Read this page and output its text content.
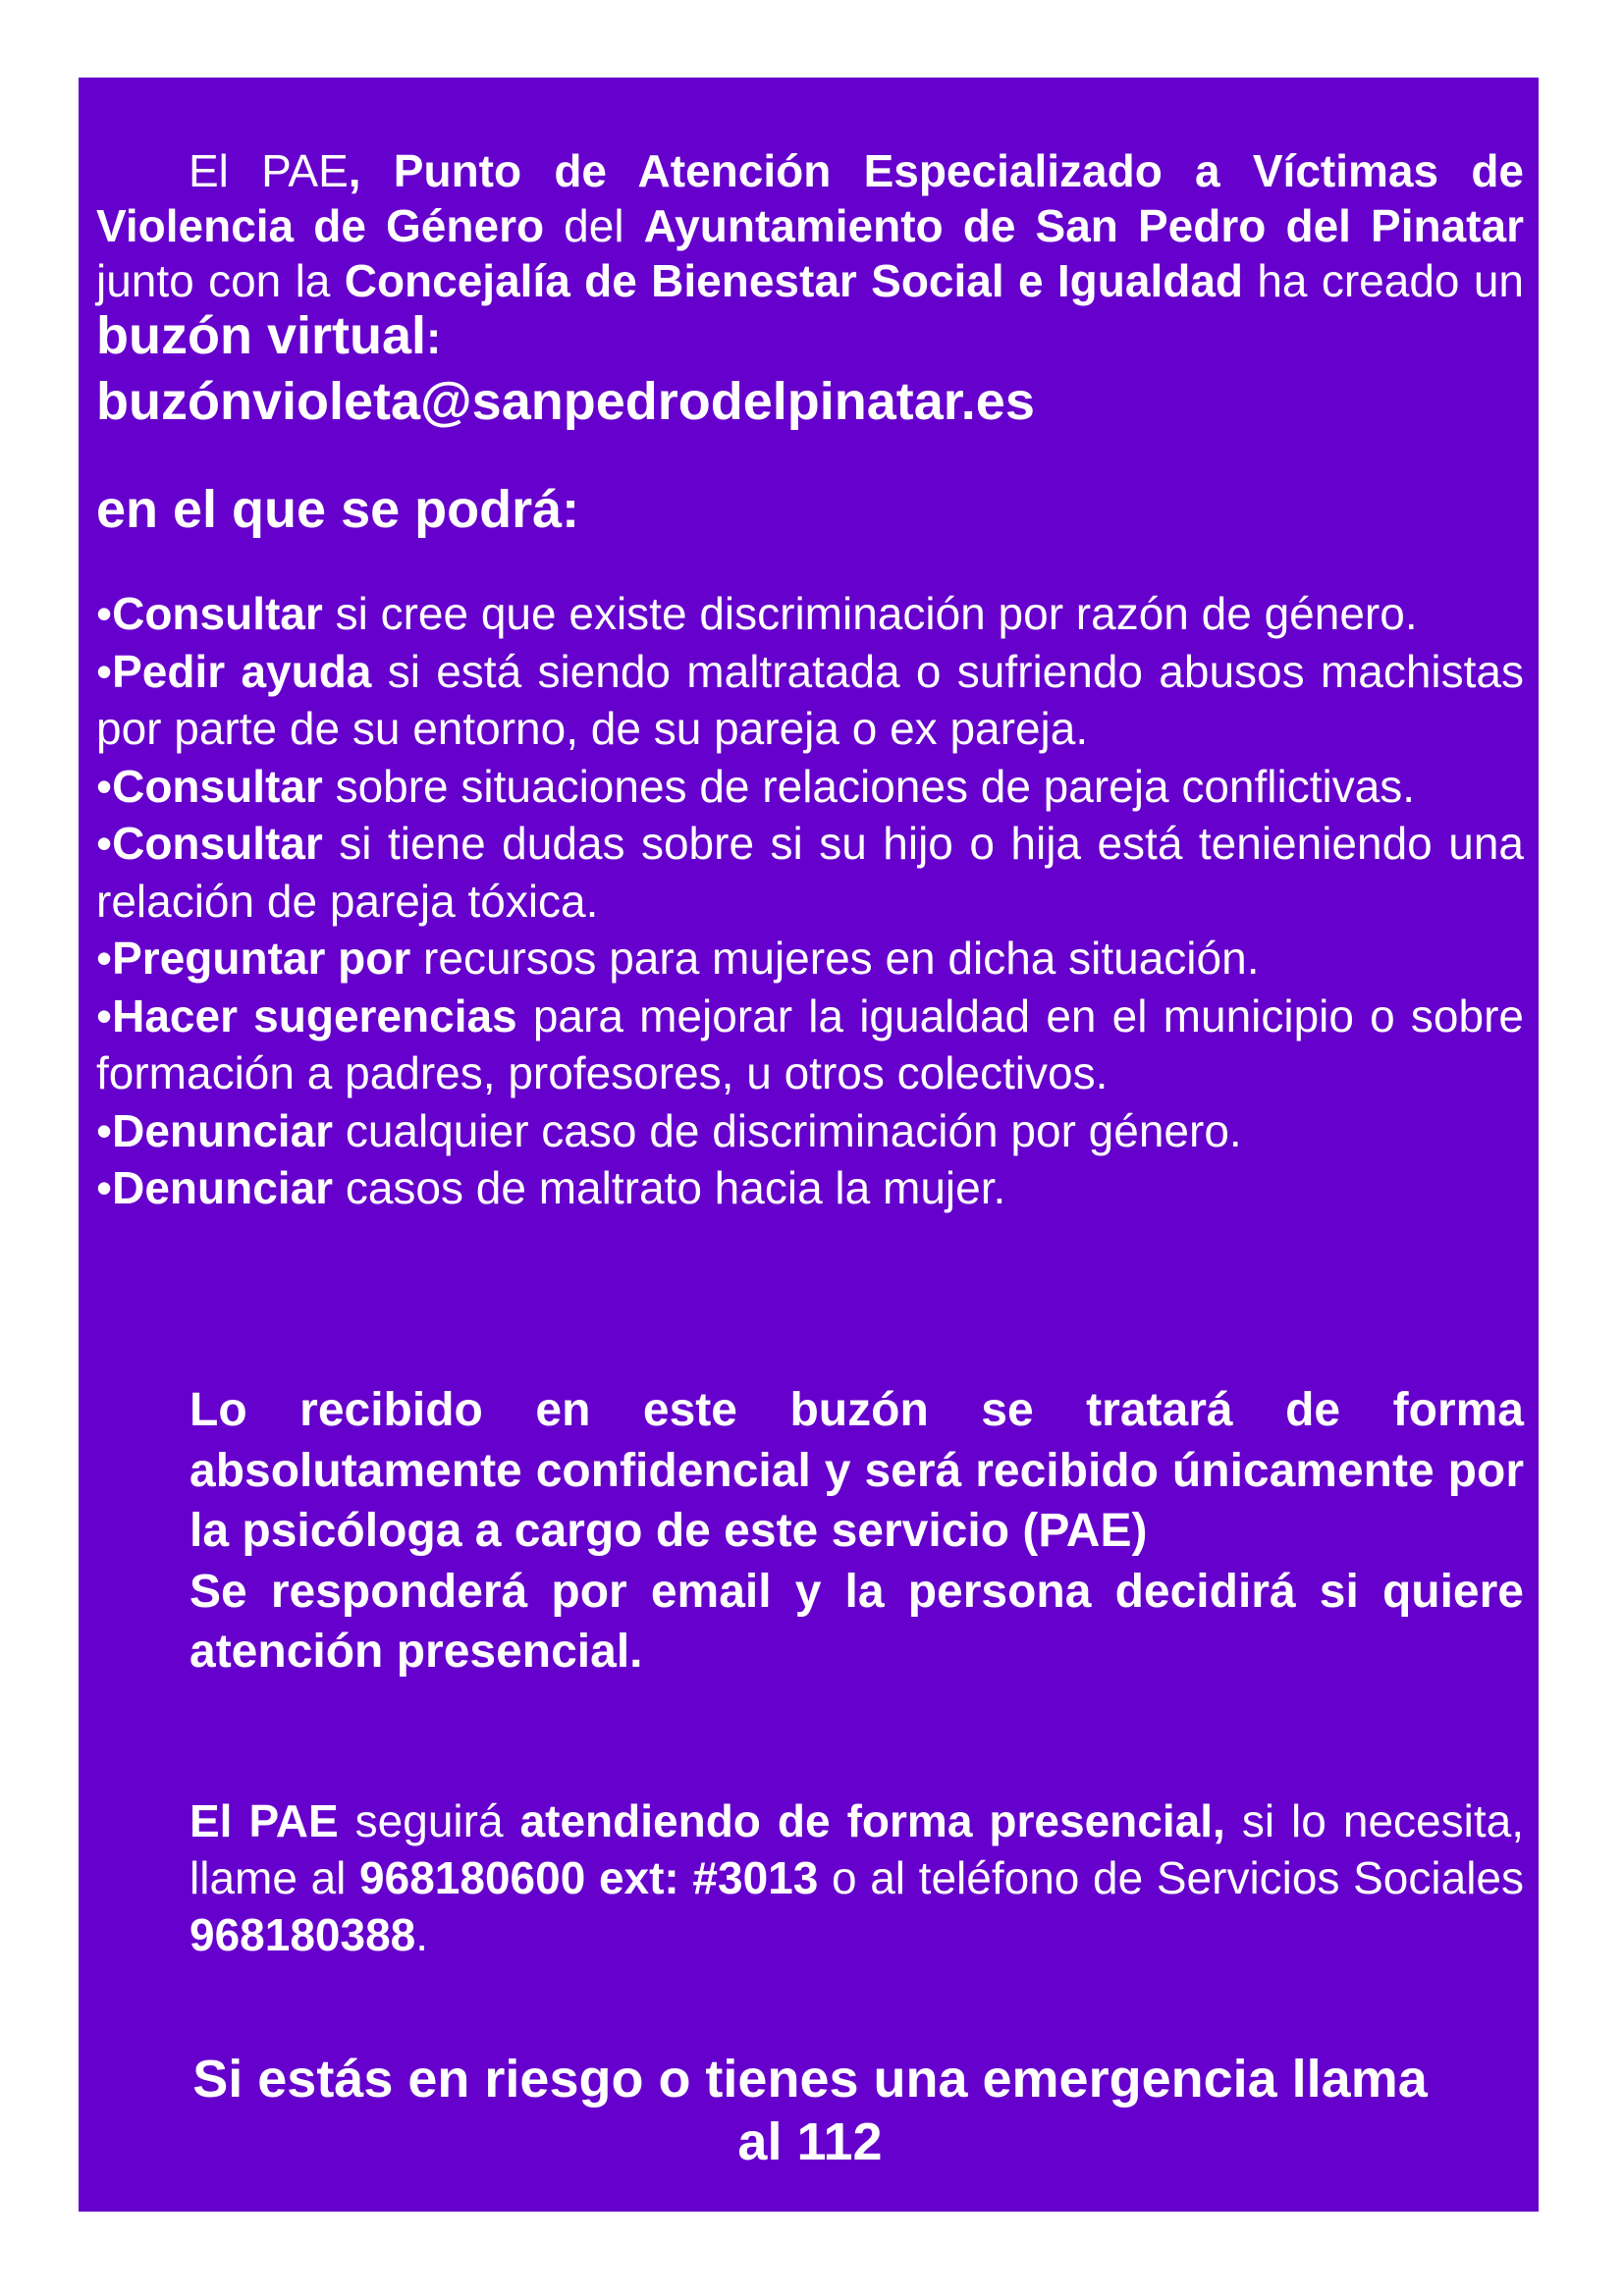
El PAE, Punto de Atención Especializado a Víctimas de Violencia de Género del Ayuntamiento de San Pedro del Pinatar junto con la Concejalía de Bienestar Social e Igualdad ha creado un buzón virtual:
buzónvioleta@sanpedrodelpinatar.es
en el que se podrá:

•Consultar si cree que existe discriminación por razón de género.

•Pedir ayuda si está siendo maltratada o sufriendo abusos machistas por parte de su entorno, de su pareja o ex pareja.

•Consultar sobre situaciones de relaciones de pareja conflictivas.

•Consultar si tiene dudas sobre si su hijo o hija está tenieniendo una relación de pareja tóxica.

•Preguntar por recursos para mujeres en dicha situación.

•Hacer sugerencias para mejorar la igualdad en el municipio o sobre formación a padres, profesores, u otros colectivos.

•Denunciar cualquier caso de discriminación por género.

•Denunciar casos de maltrato hacia la mujer.

Lo recibido en este buzón se tratará de forma absolutamente confidencial y será recibido únicamente por la psicóloga a cargo de este servicio (PAE)

Se responderá por email y la persona decidirá si quiere atención presencial.

El PAE seguirá atendiendo de forma presencial, si lo necesita, llame al 968180600 ext: #3013 o al teléfono de Servicios Sociales 968180388.
Si estás en riesgo o tienes una emergencia llama
al 112
